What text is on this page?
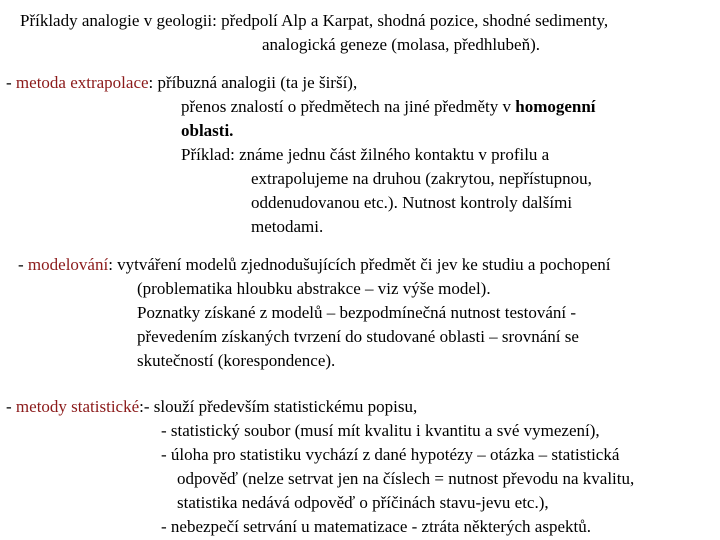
Příklady analogie v geologii: předpolí Alp a Karpat, shodná pozice, shodné sedimenty,
analogická geneze (molasa, předhlubeň).
- metoda extrapolace: příbuzná analogii (ta je širší),
přenos znalostí o předmětech na jiné předměty v homogenní
oblasti.
Příklad: známe jednu část žilného kontaktu v profilu a
extrapolujeme na druhou (zakrytou, nepřístupnou,
oddenudovanou etc.). Nutnost kontroly dalšími
metodami.
- modelování: vytváření modelů zjednodušujících předmět či jev ke studiu a pochopení
(problematika hloubku abstrakce – viz výše model).
Poznatky získané z modelů – bezpodmínečná nutnost testování -
převedením získaných tvrzení do studované oblasti – srovnání se
skutečností (korespondence).
- metody statistické:- slouží především statistickému popisu,
- statistický soubor (musí mít kvalitu i kvantitu a své vymezení),
- úloha pro statistiku vychází z dané hypotézy – otázka – statistická
odpověď (nelze setrvat jen na číslech = nutnost převodu na kvalitu,
statistika nedává odpověď o příčinách stavu-jevu etc.),
- nebezpečí setrvání u matematizace - ztráta některých aspektů.
